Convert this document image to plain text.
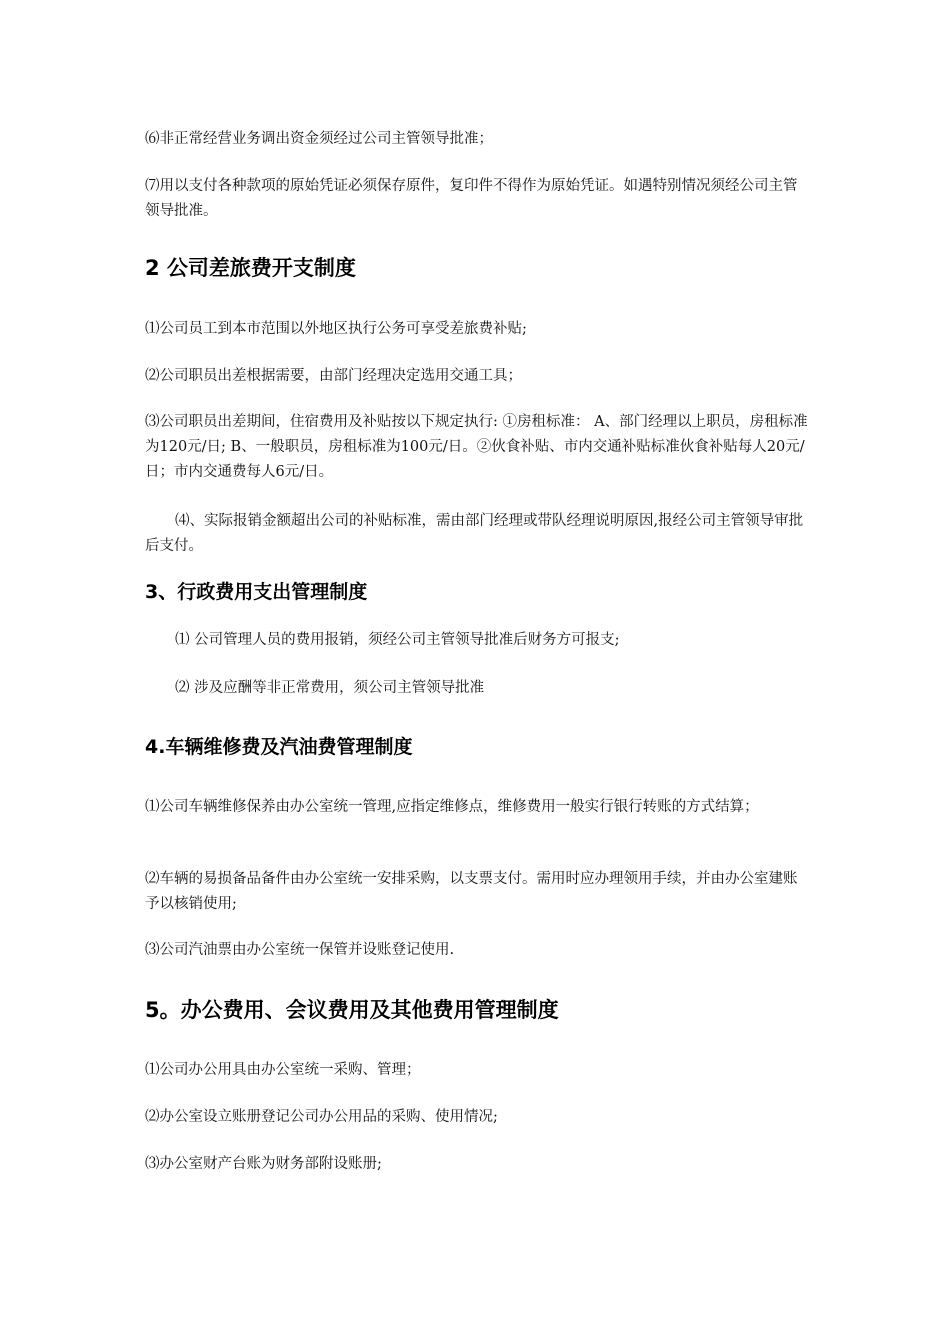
⑹非正常经营业务调出资金须经过公司主管领导批准；

⑺用以支付各种款项的原始凭证必须保存原件，复印件不得作为原始凭证。如遇特别情况须经公司主管领导批准。

2 公司差旅费开支制度

⑴公司员工到本市范围以外地区执行公务可享受差旅费补贴;

⑵公司职员出差根据需要，由部门经理决定选用交通工具；

⑶公司职员出差期间，住宿费用及补贴按以下规定执行: ①房租标准： A、部门经理以上职员，房租标准为120元/日; B、一般职员，房租标准为100元/日。②伙食补贴、市内交通补贴标准伙食补贴每人20元/日；市内交通费每人6元/日。

⑷、实际报销金额超出公司的补贴标准，需由部门经理或带队经理说明原因,报经公司主管领导审批后支付。

3、行政费用支出管理制度

⑴ 公司管理人员的费用报销，须经公司主管领导批准后财务方可报支;

⑵ 涉及应酬等非正常费用，须公司主管领导批准

4.车辆维修费及汽油费管理制度

⑴公司车辆维修保养由办公室统一管理,应指定维修点，维修费用一般实行银行转账的方式结算；

⑵车辆的易损备品备件由办公室统一安排采购，以支票支付。需用时应办理领用手续，并由办公室建账予以核销使用;

⑶公司汽油票由办公室统一保管并设账登记使用.

5。办公费用、会议费用及其他费用管理制度

⑴公司办公用具由办公室统一采购、管理；

⑵办公室设立账册登记公司办公用品的采购、使用情况;

⑶办公室财产台账为财务部附设账册;
